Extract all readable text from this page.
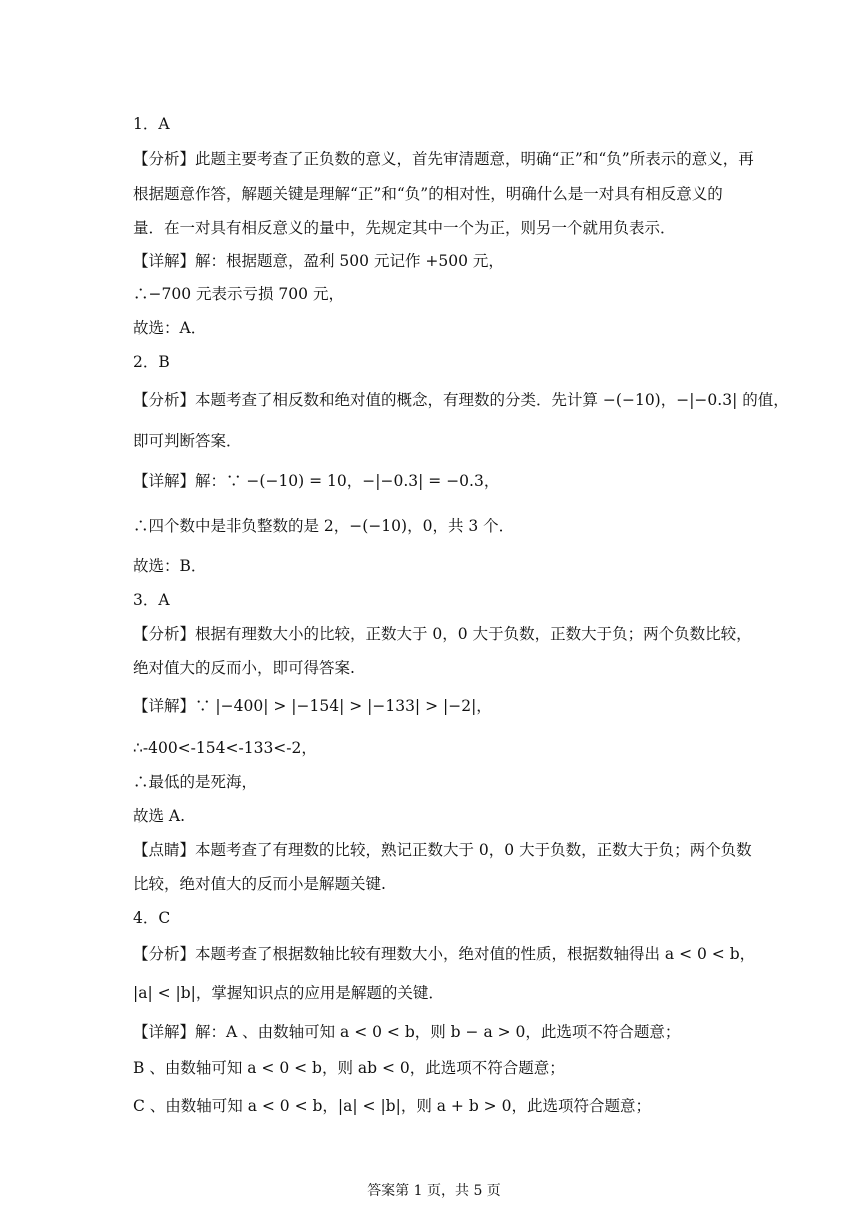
1．A
【分析】此题主要考查了正负数的意义，首先审清题意，明确“正”和“负”所表示的意义，再
根据题意作答，解题关键是理解“正”和“负”的相对性，明确什么是一对具有相反意义的
量．在一对具有相反意义的量中，先规定其中一个为正，则另一个就用负表示．
【详解】解：根据题意，盈利 500 元记作 +500 元，
∴−700 元表示亏损 700 元，
故选：A．
2．B
【分析】本题考查了相反数和绝对值的概念，有理数的分类．先计算 −(−10)，−|−0.3| 的值，
即可判断答案．
【详解】解：∵ −(−10) = 10，−|−0.3| = −0.3，
∴四个数中是非负整数的是 2，−(−10)，0，共 3 个．
故选：B．
3．A
【分析】根据有理数大小的比较，正数大于 0，0 大于负数，正数大于负；两个负数比较，
绝对值大的反而小，即可得答案.
【详解】∵ |−400| > |−154| > |−133| > |−2|，
∴-400<-154<-133<-2，
∴最低的是死海，
故选 A.
【点睛】本题考查了有理数的比较，熟记正数大于 0，0 大于负数，正数大于负；两个负数
比较，绝对值大的反而小是解题关键.
4．C
【分析】本题考查了根据数轴比较有理数大小，绝对值的性质，根据数轴得出 a < 0 < b，
|a| < |b|，掌握知识点的应用是解题的关键．
【详解】解：A 、由数轴可知 a < 0 < b，则 b − a > 0，此选项不符合题意；
B 、由数轴可知 a < 0 < b，则 ab < 0，此选项不符合题意；
C 、由数轴可知 a < 0 < b，|a| < |b|，则 a + b > 0，此选项符合题意；
答案第 1 页，共 5 页
